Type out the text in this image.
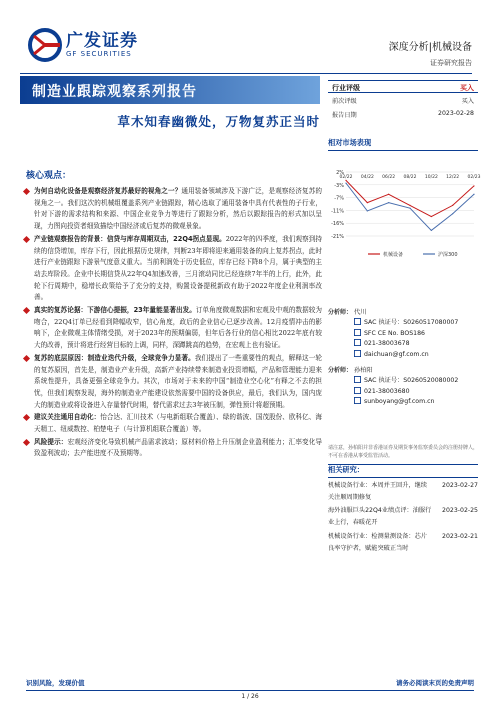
广发证券
GF SECURITIES
深度分析|机械设备
证券研究报告
制造业跟踪观察系列报告
草木知春幽微处，万物复苏正当时
核心观点：
为何自动化设备是观察经济复苏最好的视角之一？通用装备领域涉及下游广泛，是观察经济复苏的视角之一。我们这次的机械组覆盖系列产业链跟踪，精心选取了通用装备中具有代表性的子行业，针对下游的需求结构和来源、中国企业竞争力等进行了跟踪分析，然后以跟踪报告的形式加以呈现，力图向投资者细致描绘中国经济或后复苏的微观景象。
产业链观察报告的背景：信贷与库存周期双击，22Q4拐点显现。2022年的四季度，我们观察到持续的信贷增加，库存下行，因此根据历史规律，判断23年即将迎来通用装备的向上复苏拐点，此时进行产业链跟踪下游景气度意义重大。当前利润处于历史低位，库存已经下降8个月，属于典型的主动去库阶段。企业中长期信贷从22年Q4加速改善，三月滚动同比已经连续7年半的上行，此外，此轮下行周期中，稳增长政策给予了充分的支持，购置设备提税新政有助于2022年度企业利润率改善。
真实的复苏论据：下游信心提振，23年量能显著出发。订单角度微观数据和宏观及中观的数据较为吻合，22Q4订单已经看到降幅收窄，信心角度，政后的企业信心已逐步改善。12月疫情冲击的影响下，企业微观主体情绪受损，对于2023年的预期偏弱，但年后各行业的信心相比2022年底有较大的改善，预计将进行经营目标的上调，同样，深蹲跳高的趋势，在宏观上也有验证。
复苏的底层原因：制造业迭代升级，全球竞争力显著。我们提出了一些重要性的观点，解释这一轮的复苏原因，首先是，制造业产业升级，高新产业持续带来制造业投资增幅，产品和管理能力迎来系统性提升，具备更强全球竞争力。其次，市场对于未来的中国“制造业空心化”有释之不去的担忧，但我们观察发现，海外的制造业产能建设依然需要中国的设备供应，最后，我们认为，国内庞大的制造业或将设备进入存量替代时期，替代需求过去3年被压制，弹性预计将超预期。
建议关注通用自动化：怡合达、汇川技术（与电新组联合覆盖）、绿的谐波、国茂股份、欧科亿、海天精工、纽威数控、柏楚电子（与计算机组联合覆盖）等。
风险提示：宏观经济变化导致机械产品需求波动；原材料价格上升压制企业盈利能力；汇率变化导致盈利波动；去产能进度不及预期等。
行业评级	买入
前次评级	买入
报告日期	2023-02-28
相对市场表现
2%
-3%
-7%
-11%
-16%
-21%
02/22 04/22 06/22 08/22 10/22 12/22 02/23
机械设备	沪深300
分析师： 代川
SAC 执证号：S0260517080007
SFC CE No. BOS186
021-38003678
daichuan@gf.com.cn
分析师： 孙柏阳
SAC 执证号：S0260520080002
021-38003680
sunboyang@gf.com.cn
请注意，孙柏阳并非香港证券及期货事务监察委员会的注册持牌人，不可在香港从事受监管活动。
相关研究：
机械设备行业：本周并王回升，继续关注顺周期修复
2023-02-27
海外油服巨头22Q4业绩点评：油服行业上行，春暖花开
2023-02-25
机械设备行业：检测量测设备：芯片良率守护者，赋能突破正当时
2023-02-21
识别风险，发现价值	请务必阅读末页的免责声明
1 / 26
